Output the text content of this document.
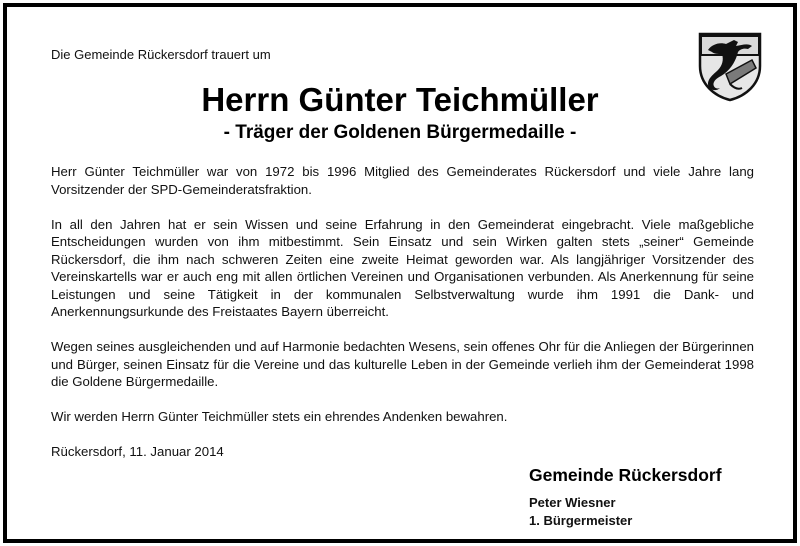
Die Gemeinde Rückersdorf trauert um
Herrn Günter Teichmüller
- Träger der Goldenen Bürgermedaille -

Herr Günter Teichmüller war von 1972 bis 1996 Mitglied des Gemeinderates Rückersdorf und viele Jahre lang Vorsitzender der SPD-Gemeinderatsfraktion.

In all den Jahren hat er sein Wissen und seine Erfahrung in den Gemeinderat eingebracht. Viele maßgebliche Entscheidungen wurden von ihm mitbestimmt. Sein Einsatz und sein Wirken galten stets „seiner“ Gemeinde Rückersdorf, die ihm nach schweren Zeiten eine zweite Heimat geworden war. Als langjähriger Vorsitzender des Vereinskartells war er auch eng mit allen örtlichen Vereinen und Organisationen verbunden. Als Anerkennung für seine Leistungen und seine Tätigkeit in der kommunalen Selbstverwaltung wurde ihm 1991 die Dank- und Anerkennungsurkunde des Freistaates Bayern überreicht.

Wegen seines ausgleichenden und auf Harmonie bedachten Wesens, sein offenes Ohr für die Anliegen der Bürgerinnen und Bürger, seinen Einsatz für die Vereine und das kulturelle Leben in der Gemeinde verlieh ihm der Gemeinderat 1998 die Goldene Bürgermedaille.

Wir werden Herrn Günter Teichmüller stets ein ehrendes Andenken bewahren.

Rückersdorf, 11. Januar 2014

Gemeinde Rückersdorf
Peter Wiesner
1. Bürgermeister
